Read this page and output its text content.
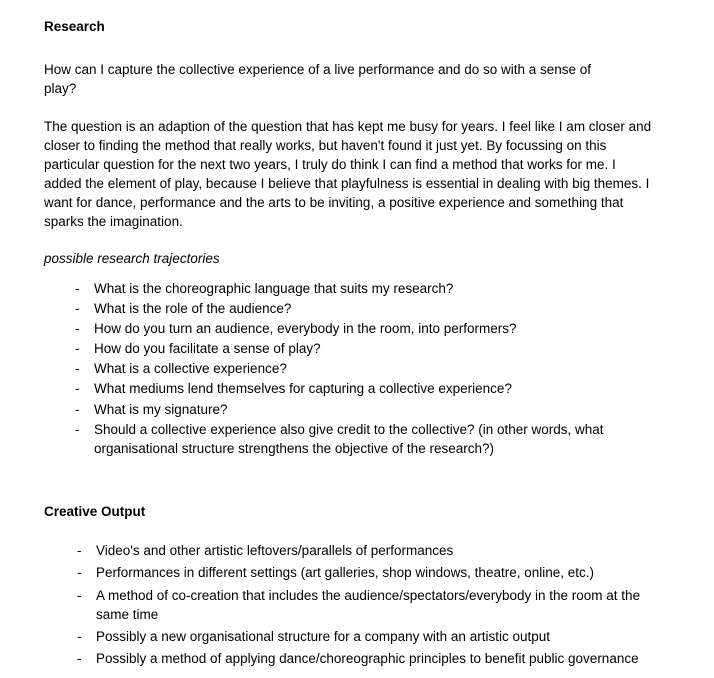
Research

How can I capture the collective experience of a live performance and do so with a sense of play?

The question is an adaption of the question that has kept me busy for years. I feel like I am closer and closer to finding the method that really works, but haven't found it just yet. By focussing on this particular question for the next two years, I truly do think I can find a method that works for me. I added the element of play, because I believe that playfulness is essential in dealing with big themes. I want for dance, performance and the arts to be inviting, a positive experience and something that sparks the imagination.

possible research trajectories

- What is the choreographic language that suits my research?
- What is the role of the audience?
- How do you turn an audience, everybody in the room, into performers?
- How do you facilitate a sense of play?
- What is a collective experience?
- What mediums lend themselves for capturing a collective experience?
- What is my signature?
- Should a collective experience also give credit to the collective? (in other words, what organisational structure strengthens the objective of the research?)
Creative Output
- Video's and other artistic leftovers/parallels of performances
- Performances in different settings (art galleries, shop windows, theatre, online, etc.)
- A method of co-creation that includes the audience/spectators/everybody in the room at the same time
- Possibly a new organisational structure for a company with an artistic output
- Possibly a method of applying dance/choreographic principles to benefit public governance
